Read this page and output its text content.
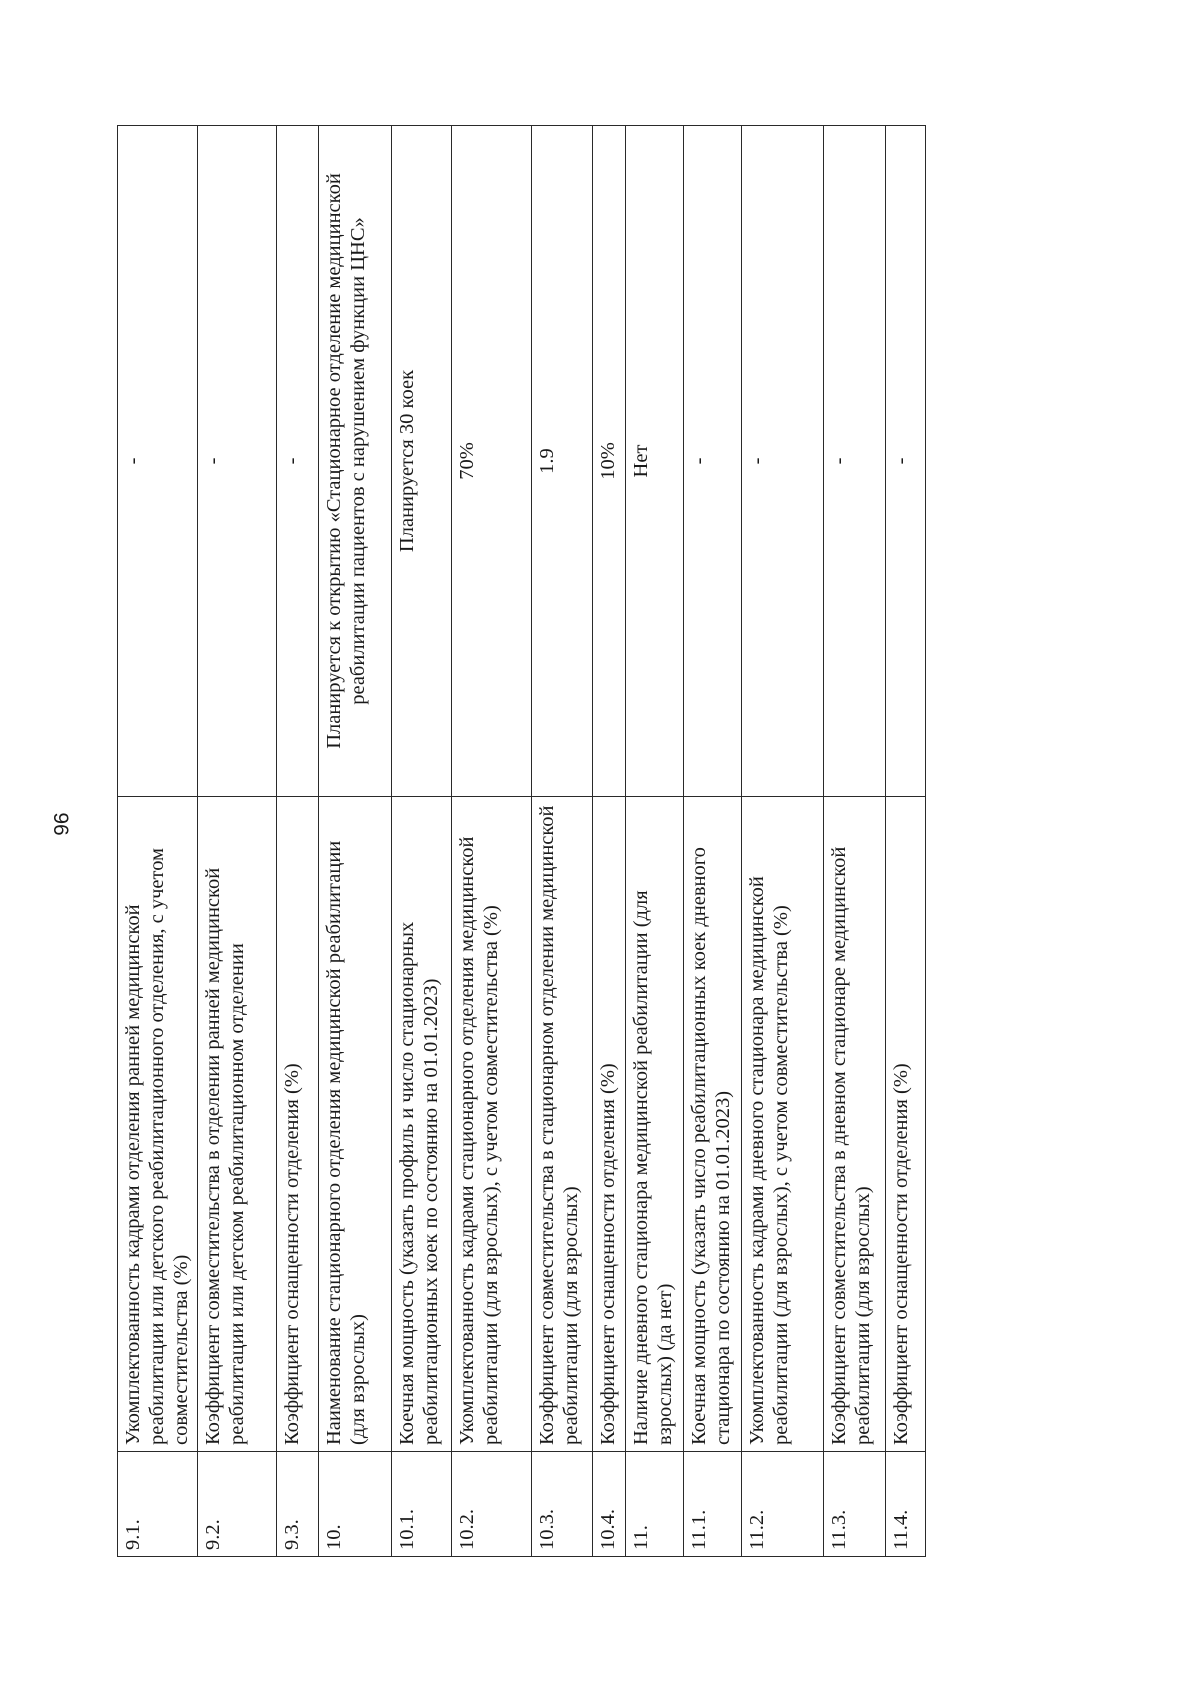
96
9.1.	Укомплектованность кадрами отделения ранней медицинской реабилитации или детского реабилитационного отделения, с учетом совместительства (%)	-
9.2.	Коэффициент совместительства в отделении ранней медицинской реабилитации или детском реабилитационном отделении	-
9.3.	Коэффициент оснащенности отделения (%)	-
10.	Наименование стационарного отделения медицинской реабилитации (для взрослых)	Планируется к открытию «Стационарное отделение медицинской реабилитации пациентов с нарушением функции ЦНС»
10.1.	Коечная мощность (указать профиль и число стационарных реабилитационных коек по состоянию на 01.01.2023)	Планируется 30 коек
10.2.	Укомплектованность кадрами стационарного отделения медицинской реабилитации (для взрослых), с учетом совместительства (%)	70%
10.3.	Коэффициент совместительства в стационарном отделении медицинской реабилитации (для взрослых)	1.9
10.4.	Коэффициент оснащенности отделения (%)	10%
11.	Наличие дневного стационара медицинской реабилитации (для взрослых) (да нет)	Нет
11.1.	Коечная мощность (указать число реабилитационных коек дневного стационара по состоянию на 01.01.2023)	-
11.2.	Укомплектованность кадрами дневного стационара медицинской реабилитации (для взрослых), с учетом совместительства (%)	-
11.3.	Коэффициент совместительства в дневном стационаре медицинской реабилитации (для взрослых)	-
11.4.	Коэффициент оснащенности отделения (%)	-
